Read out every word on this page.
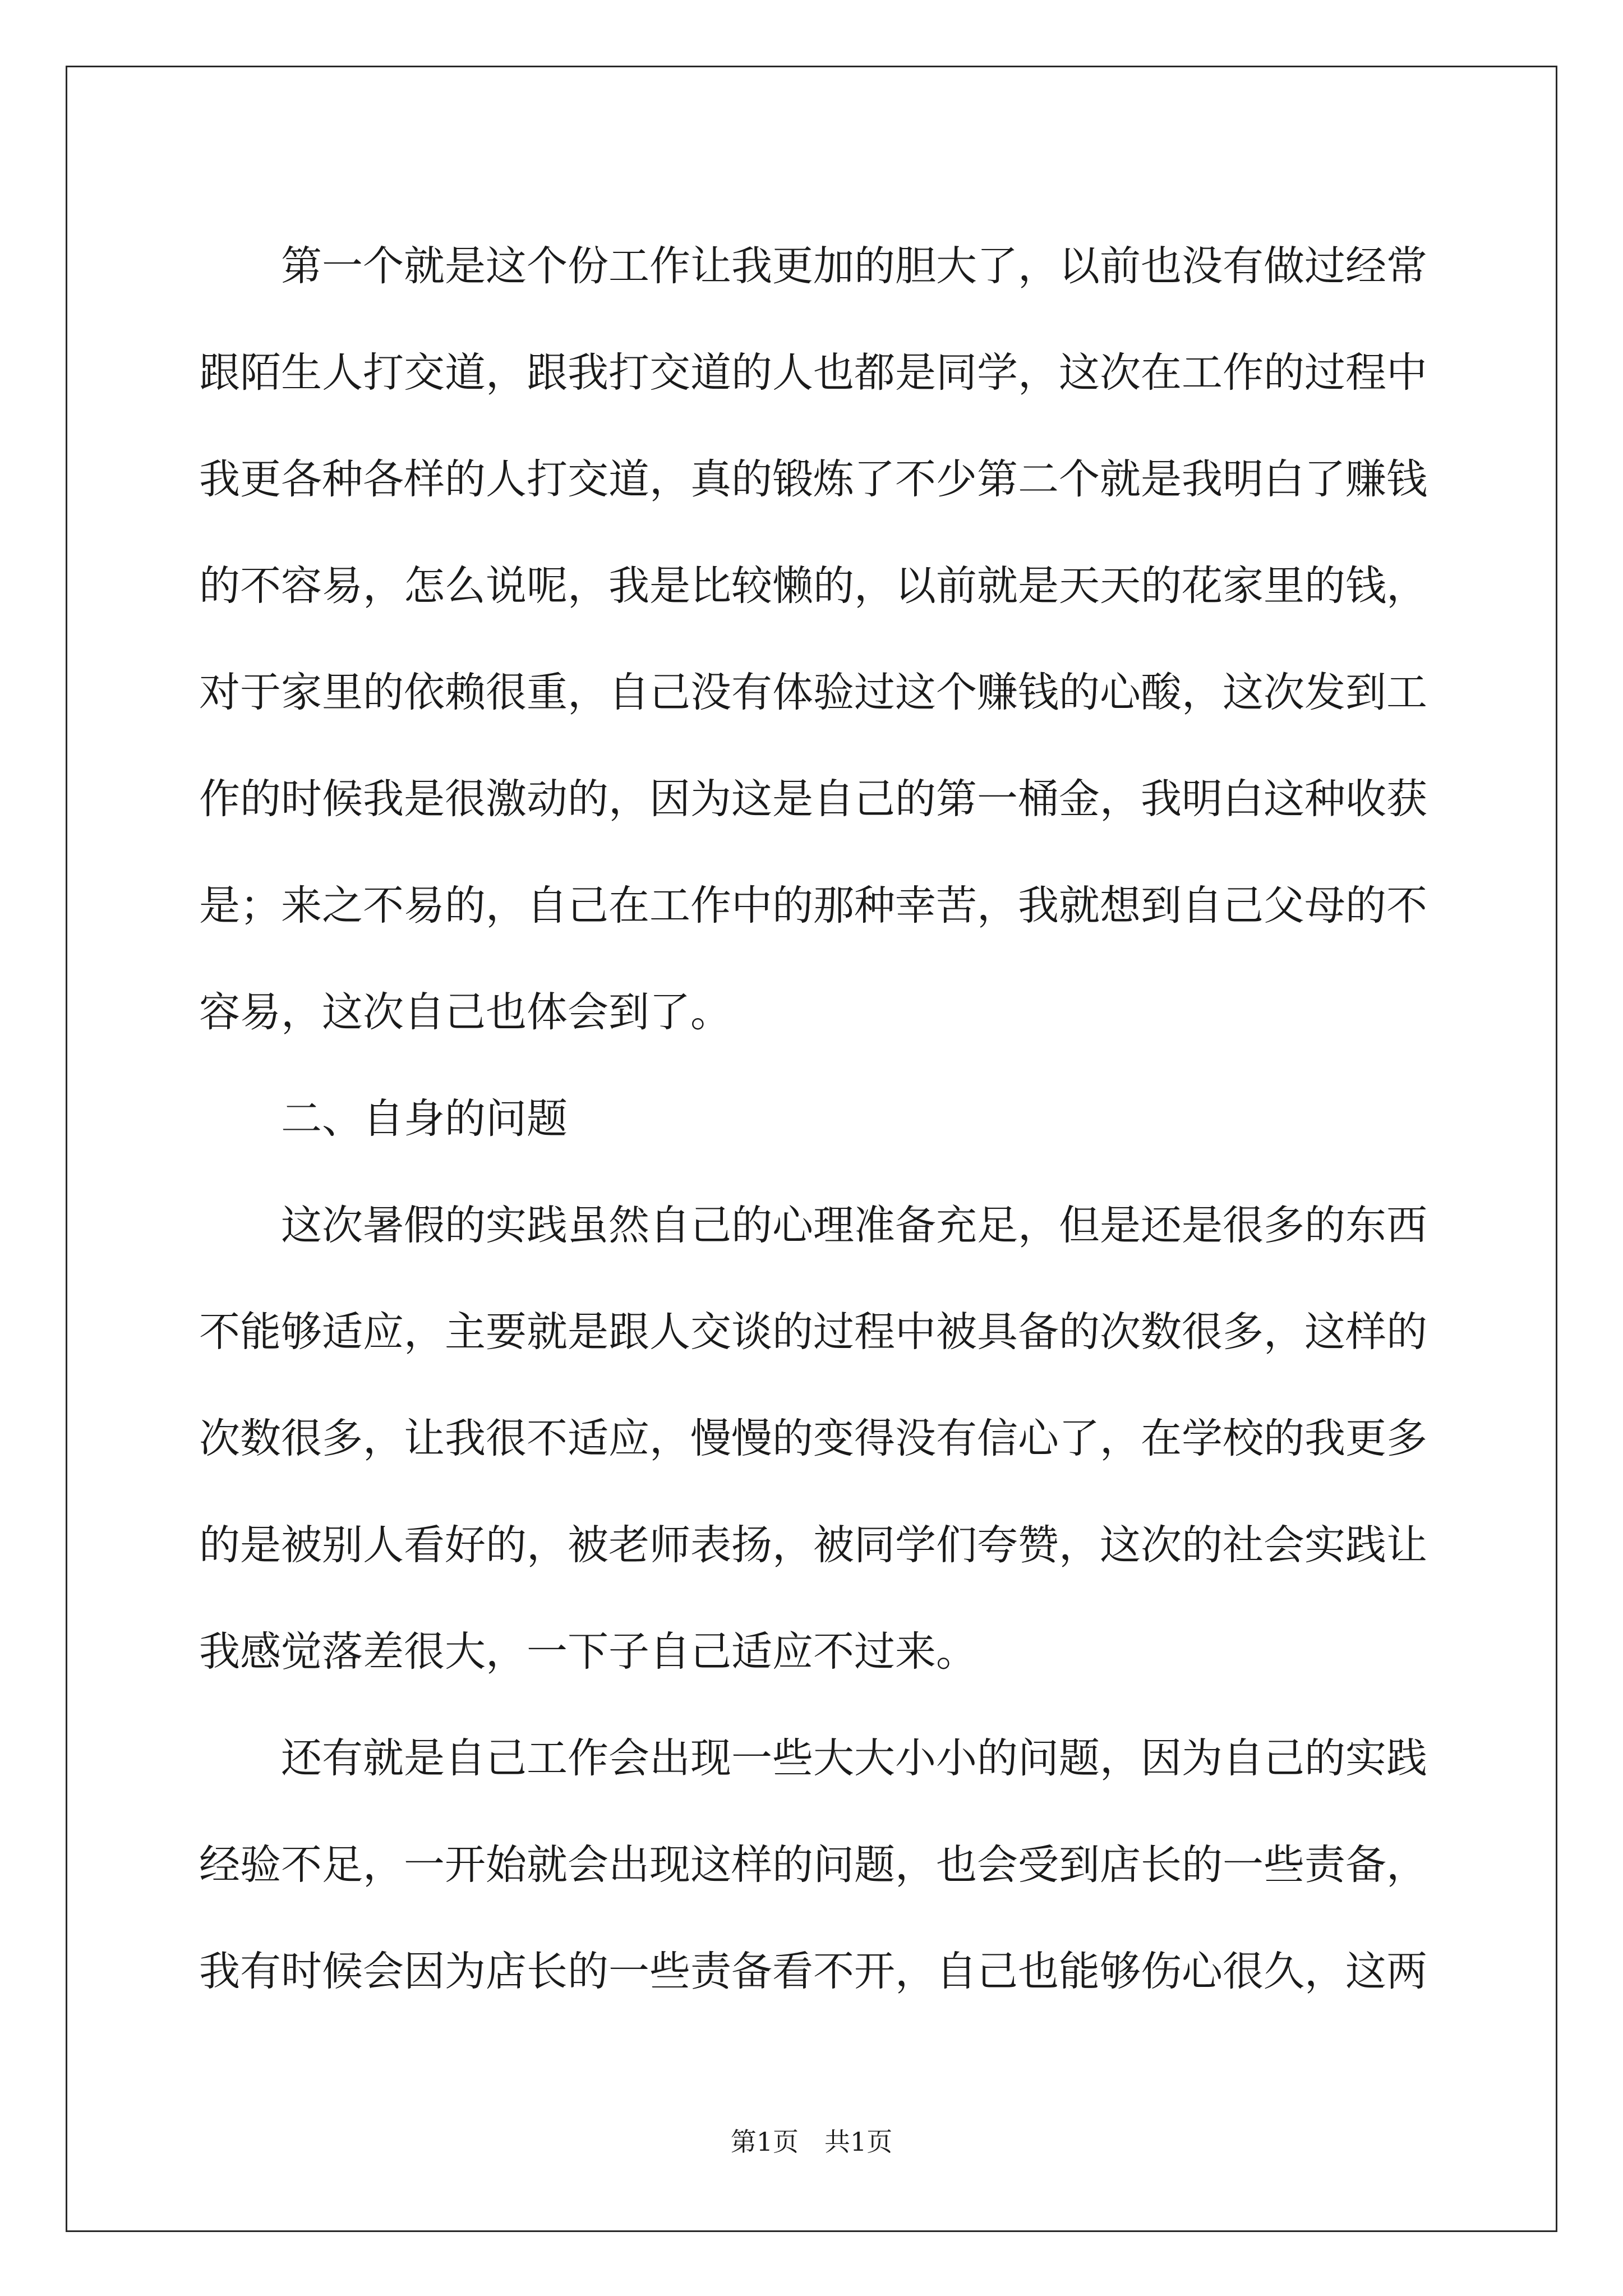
第一个就是这个份工作让我更加的胆大了，以前也没有做过经常跟陌生人打交道，跟我打交道的人也都是同学，这次在工作的过程中我更各种各样的人打交道，真的锻炼了不少第二个就是我明白了赚钱的不容易，怎么说呢，我是比较懒的，以前就是天天的花家里的钱，对于家里的依赖很重，自己没有体验过这个赚钱的心酸，这次发到工作的时候我是很激动的，因为这是自己的第一桶金，我明白这种收获是；来之不易的，自己在工作中的那种幸苦，我就想到自己父母的不容易，这次自己也体会到了。

二、自身的问题

这次暑假的实践虽然自己的心理准备充足，但是还是很多的东西不能够适应，主要就是跟人交谈的过程中被具备的次数很多，这样的次数很多，让我很不适应，慢慢的变得没有信心了，在学校的我更多的是被别人看好的，被老师表扬，被同学们夸赞，这次的社会实践让我感觉落差很大，一下子自己适应不过来。

还有就是自己工作会出现一些大大小小的问题，因为自己的实践经验不足，一开始就会出现这样的问题，也会受到店长的一些责备，我有时候会因为店长的一些责备看不开，自己也能够伤心很久，这两

第1页 共1页
